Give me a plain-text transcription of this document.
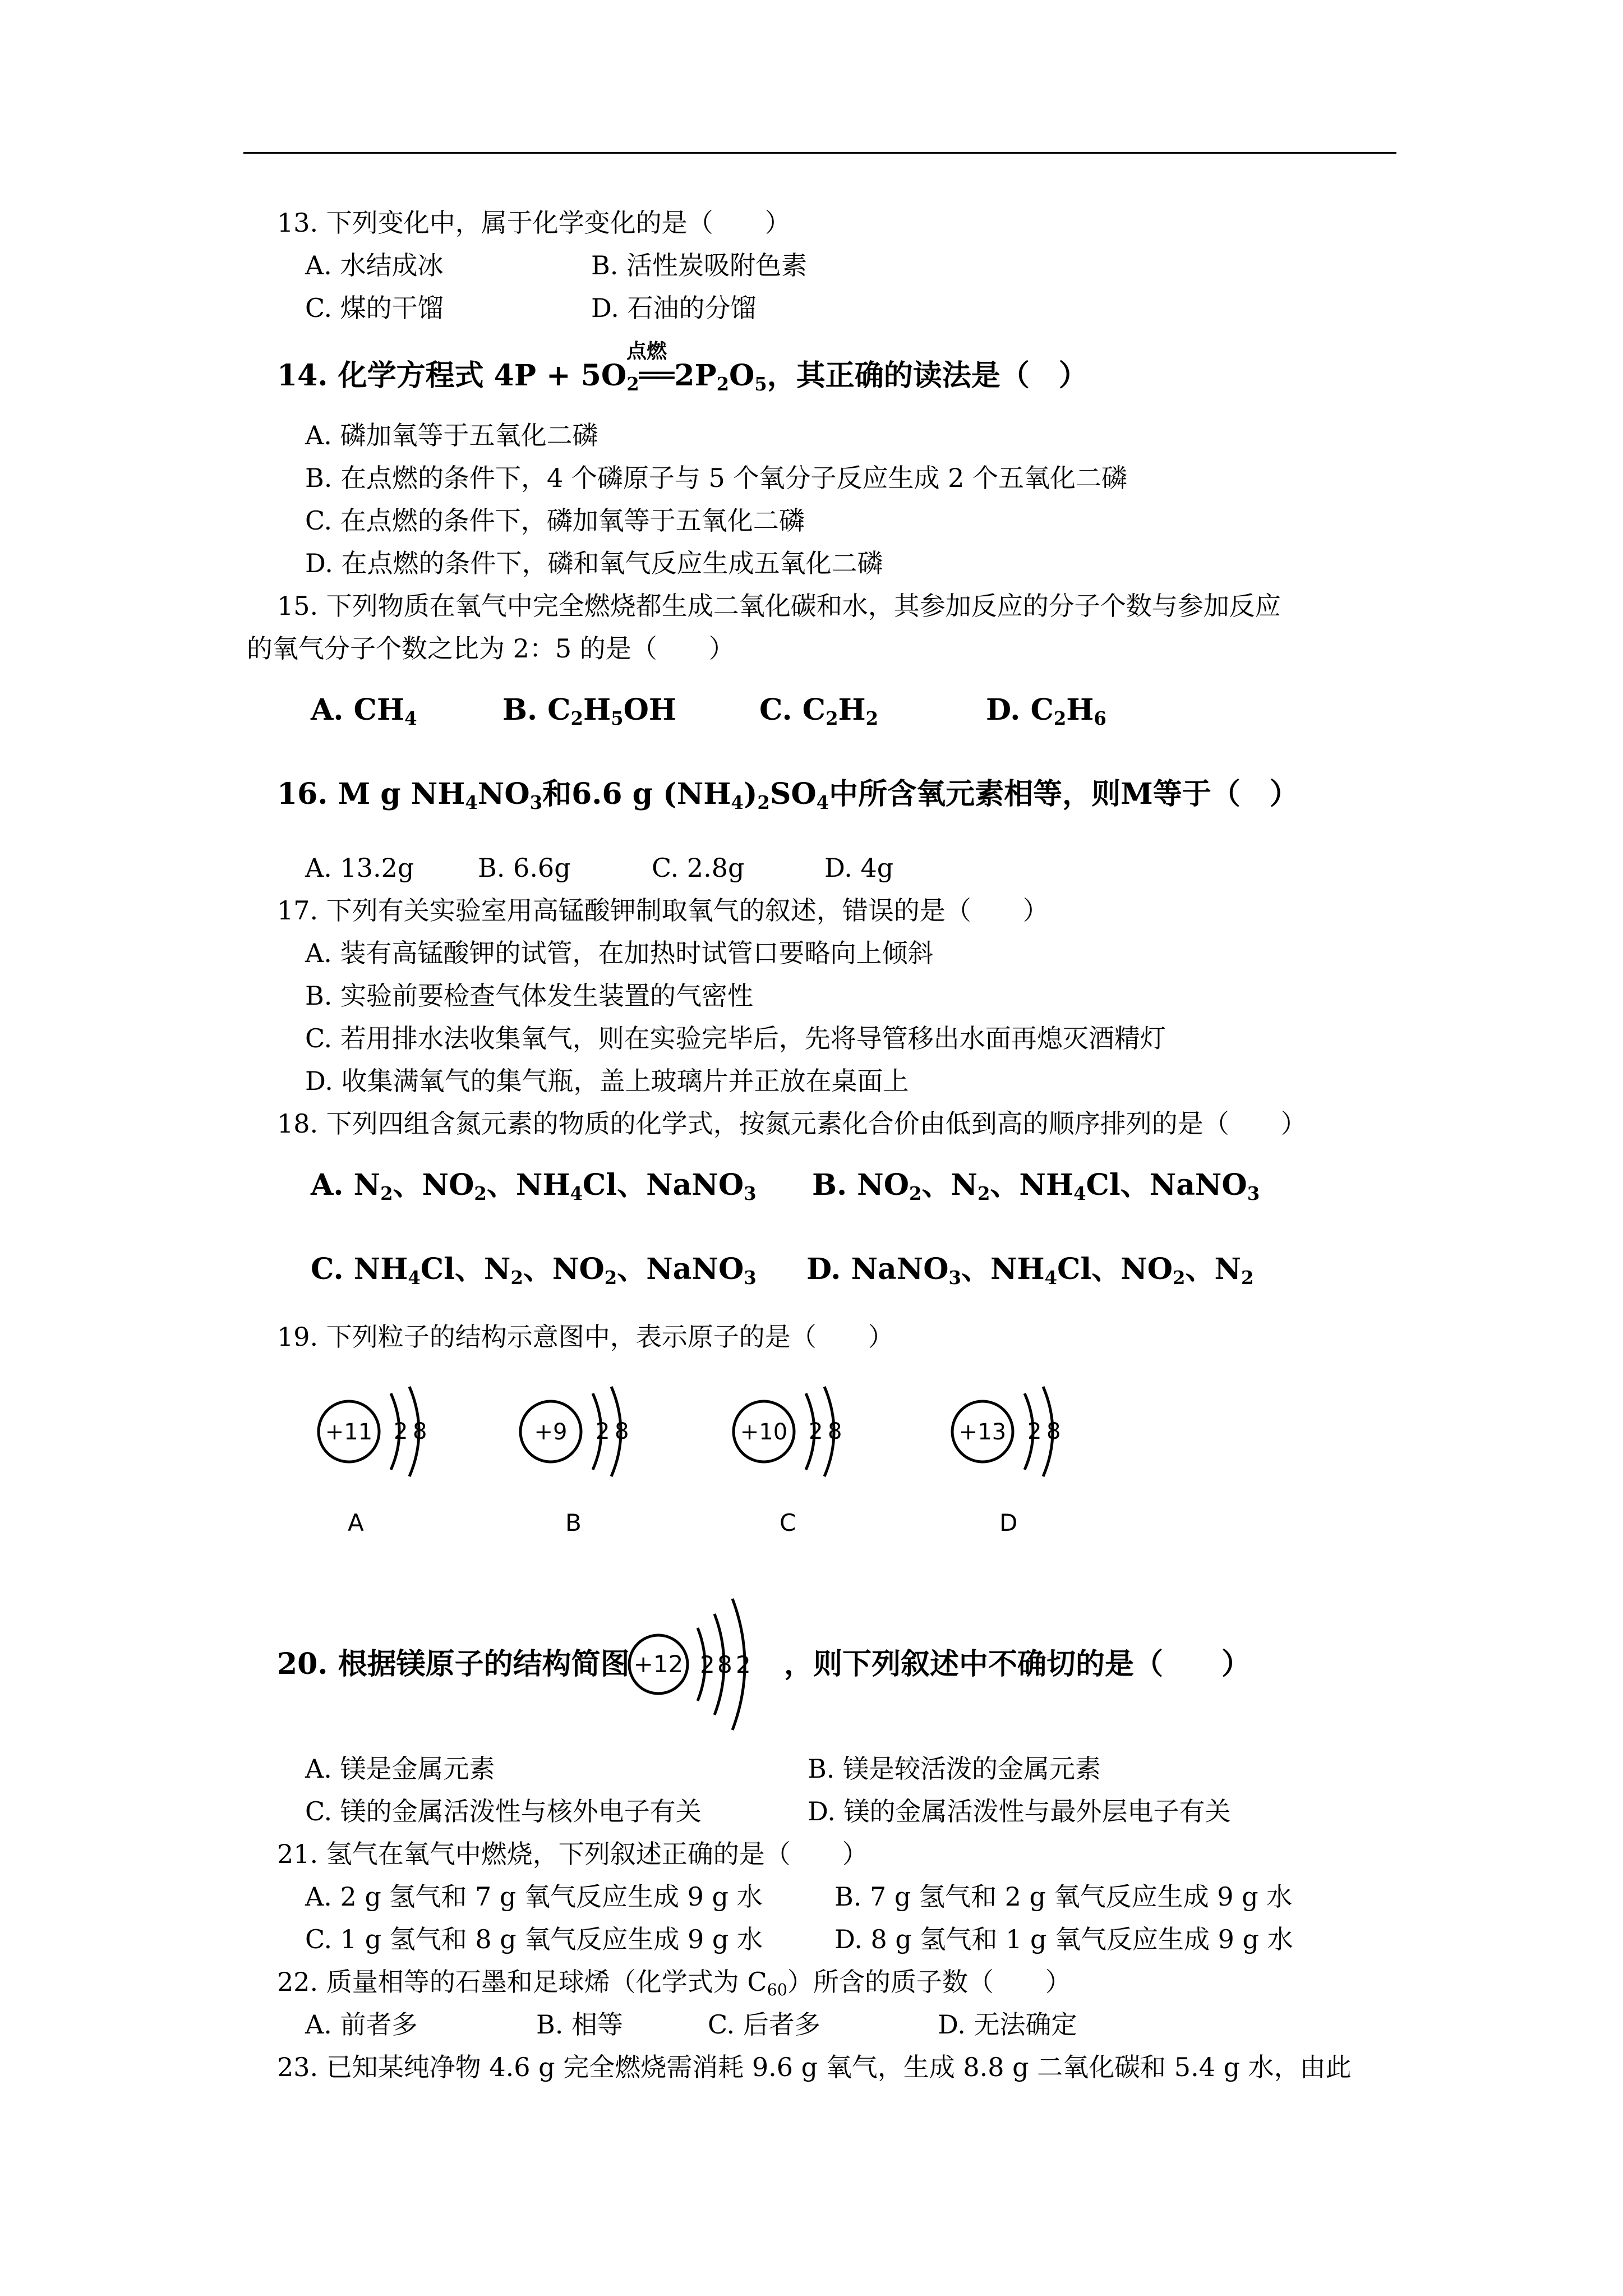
13. 下列变化中，属于化学变化的是（　　）
A. 水结成冰	B. 活性炭吸附色素
C. 煤的干馏	D. 石油的分馏
点燃
14. 化学方程式 $4P + 5O_2══2P_2O_5$，其正确的读法是（　）
A. 磷加氧等于五氧化二磷
B. 在点燃的条件下，4 个磷原子与 5 个氧分子反应生成 2 个五氧化二磷
C. 在点燃的条件下，磷加氧等于五氧化二磷
D. 在点燃的条件下，磷和氧气反应生成五氧化二磷
15. 下列物质在氧气中完全燃烧都生成二氧化碳和水，其参加反应的分子个数与参加反应
的氧气分子个数之比为 2：5 的是（　　）
A. $CH_4$	B. $C_2H_5OH$	C. $C_2H_2$	D. $C_2H_6$
16. M g $NH_4NO_3$和6.6 g $(NH_4)_2SO_4$中所含氧元素相等，则M等于（　）
A. 13.2g B. 6.6g	C. 2.8g	D. 4g
17. 下列有关实验室用高锰酸钾制取氧气的叙述，错误的是（　　）
A. 装有高锰酸钾的试管，在加热时试管口要略向上倾斜
B. 实验前要检查气体发生装置的气密性
C. 若用排水法收集氧气，则在实验完毕后，先将导管移出水面再熄灭酒精灯
D. 收集满氧气的集气瓶，盖上玻璃片并正放在桌面上
18. 下列四组含氮元素的物质的化学式，按氮元素化合价由低到高的顺序排列的是（　　）
A. $N_2$、$NO_2$、$NH_4Cl$、NaNO$_3$ B. $NO_2$、$N_2$、$NH_4Cl$、NaNO$_3$
C. $NH_4Cl$、$N_2$、$NO_2$、NaNO$_3$ D. NaNO$_3$、$NH_4Cl$、$NO_2$、$N_2$
19. 下列粒子的结构示意图中，表示原子的是（　　）
+11 2 8	+9 2 8	+10 2 8	+13 2 8
A	B	C	D
20. 根据镁原子的结构简图 +12 2 8 2 ，则下列叙述中不确切的是（　　）
A. 镁是金属元素	B. 镁是较活泼的金属元素
C. 镁的金属活泼性与核外电子有关	D. 镁的金属活泼性与最外层电子有关
21. 氢气在氧气中燃烧，下列叙述正确的是（　　）
A. 2 g 氢气和 7 g 氧气反应生成 9 g 水	B. 7 g 氢气和 2 g 氧气反应生成 9 g 水
C. 1 g 氢气和 8 g 氧气反应生成 9 g 水	D. 8 g 氢气和 1 g 氧气反应生成 9 g 水
22. 质量相等的石墨和足球烯（化学式为 $C_{60}$）所含的质子数（　　）
A. 前者多	B. 相等	C. 后者多	D. 无法确定
23. 已知某纯净物 4.6 g 完全燃烧需消耗 9.6 g 氧气，生成 8.8 g 二氧化碳和 5.4 g 水，由此
